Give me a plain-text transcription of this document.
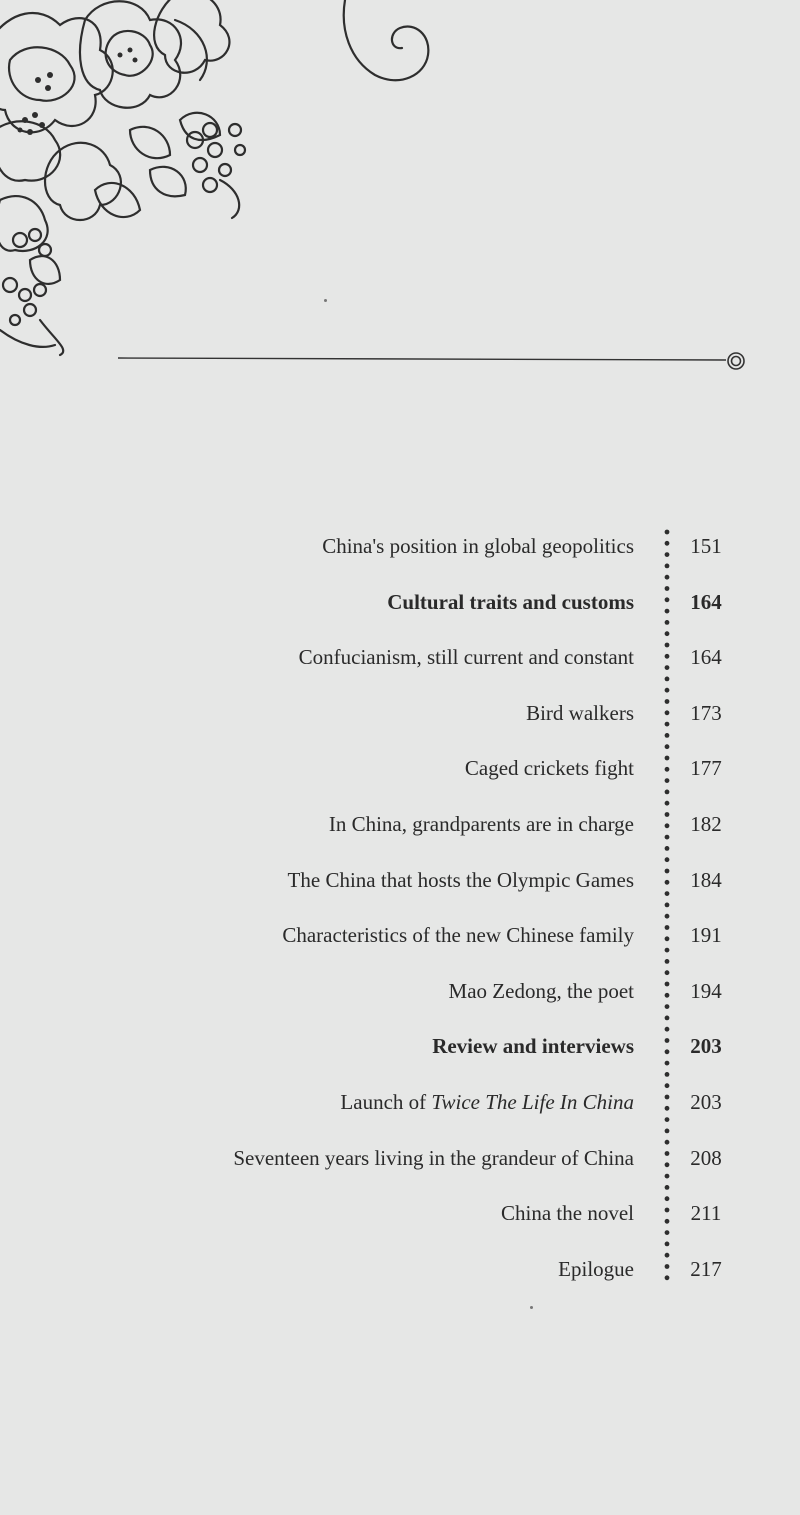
China's position in global geopolitics	151
Cultural traits and customs	164
Confucianism, still current and constant	164
Bird walkers	173
Caged crickets fight	177
In China, grandparents are in charge	182
The China that hosts the Olympic Games	184
Characteristics of the new Chinese family	191
Mao Zedong, the poet	194
Review and interviews	203
Launch of Twice The Life In China	203
Seventeen years living in the grandeur of China	208
China the novel	211
Epilogue	217
